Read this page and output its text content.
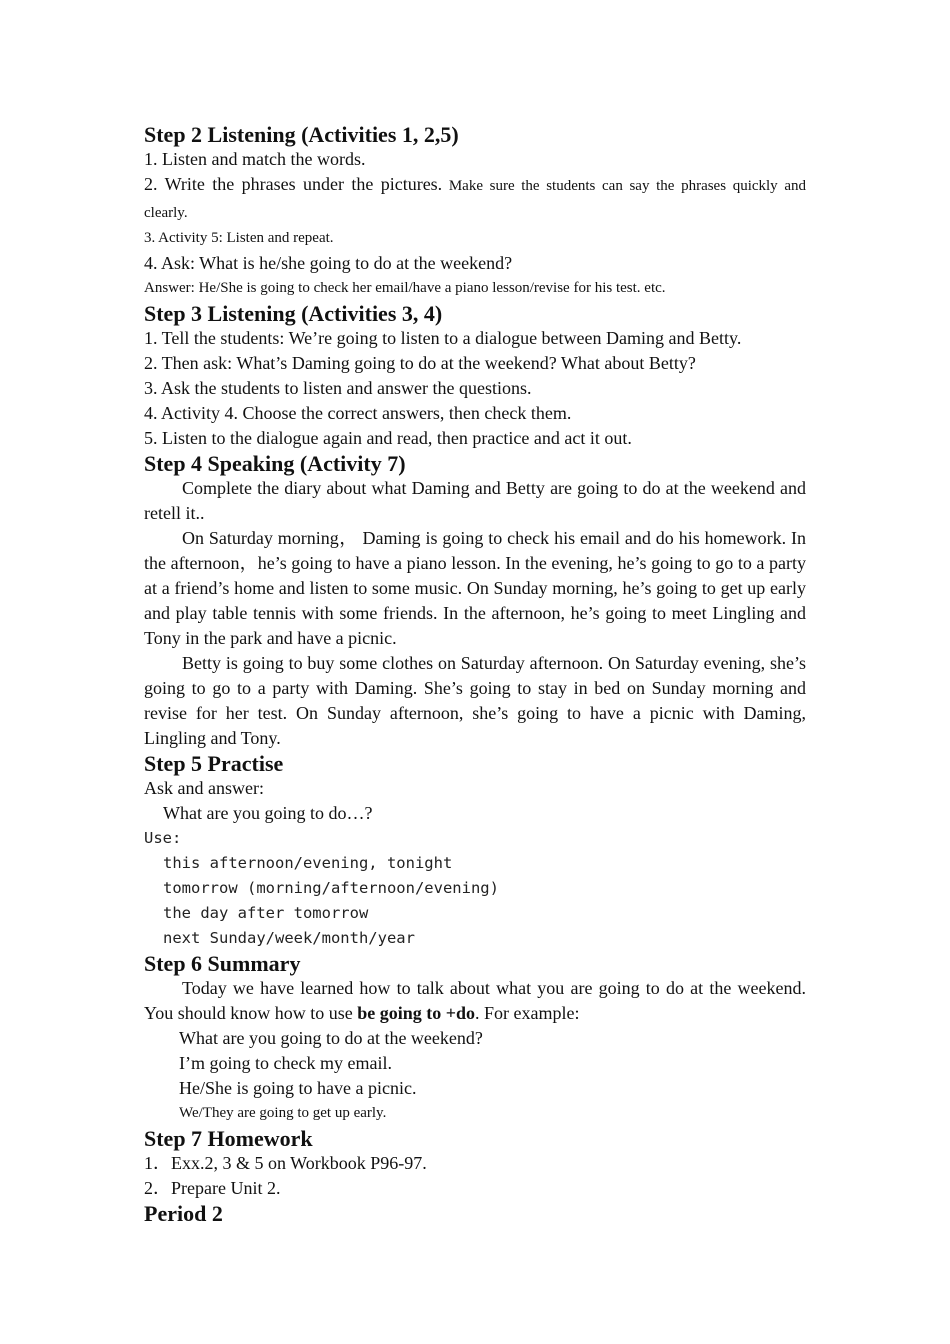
Step 2 Listening (Activities 1, 2,5)

1. Listen and match the words.

2. Write the phrases under the pictures. Make sure the students can say the phrases quickly and clearly.

3. Activity 5: Listen and repeat.

4. Ask: What is he/she going to do at the weekend?

Answer: He/She is going to check her email/have a piano lesson/revise for his test. etc.

Step 3 Listening (Activities 3, 4)

1. Tell the students: We’re going to listen to a dialogue between Daming and Betty.

2. Then ask: What’s Daming going to do at the weekend? What about Betty?

3. Ask the students to listen and answer the questions.

4. Activity 4. Choose the correct answers, then check them.

5. Listen to the dialogue again and read, then practice and act it out.

Step 4 Speaking (Activity 7)

Complete the diary about what Daming and Betty are going to do at the weekend and retell it..

On Saturday morning， Daming is going to check his email and do his homework. In the afternoon，he’s going to have a piano lesson. In the evening, he’s going to go to a party at a friend’s home and listen to some music. On Sunday morning, he’s going to get up early and play table tennis with some friends. In the afternoon, he’s going to meet Lingling and Tony in the park and have a picnic.

Betty is going to buy some clothes on Saturday afternoon. On Saturday evening, she’s going to go to a party with Daming. She’s going to stay in bed on Sunday morning and revise for her test. On Sunday afternoon, she’s going to have a picnic with Daming, Lingling and Tony.

Step 5 Practise

Ask and answer:

What are you going to do…?

Use:

this afternoon/evening, tonight

tomorrow (morning/afternoon/evening)

the day after tomorrow

next Sunday/week/month/year

Step 6 Summary

Today we have learned how to talk about what you are going to do at the weekend. You should know how to use be going to +do. For example:

What are you going to do at the weekend?

I’m going to check my email.

He/She is going to have a picnic.

We/They are going to get up early.

Step 7 Homework

1．Exx.2, 3 & 5 on Workbook P96-97.

2．Prepare Unit 2.

Period 2
